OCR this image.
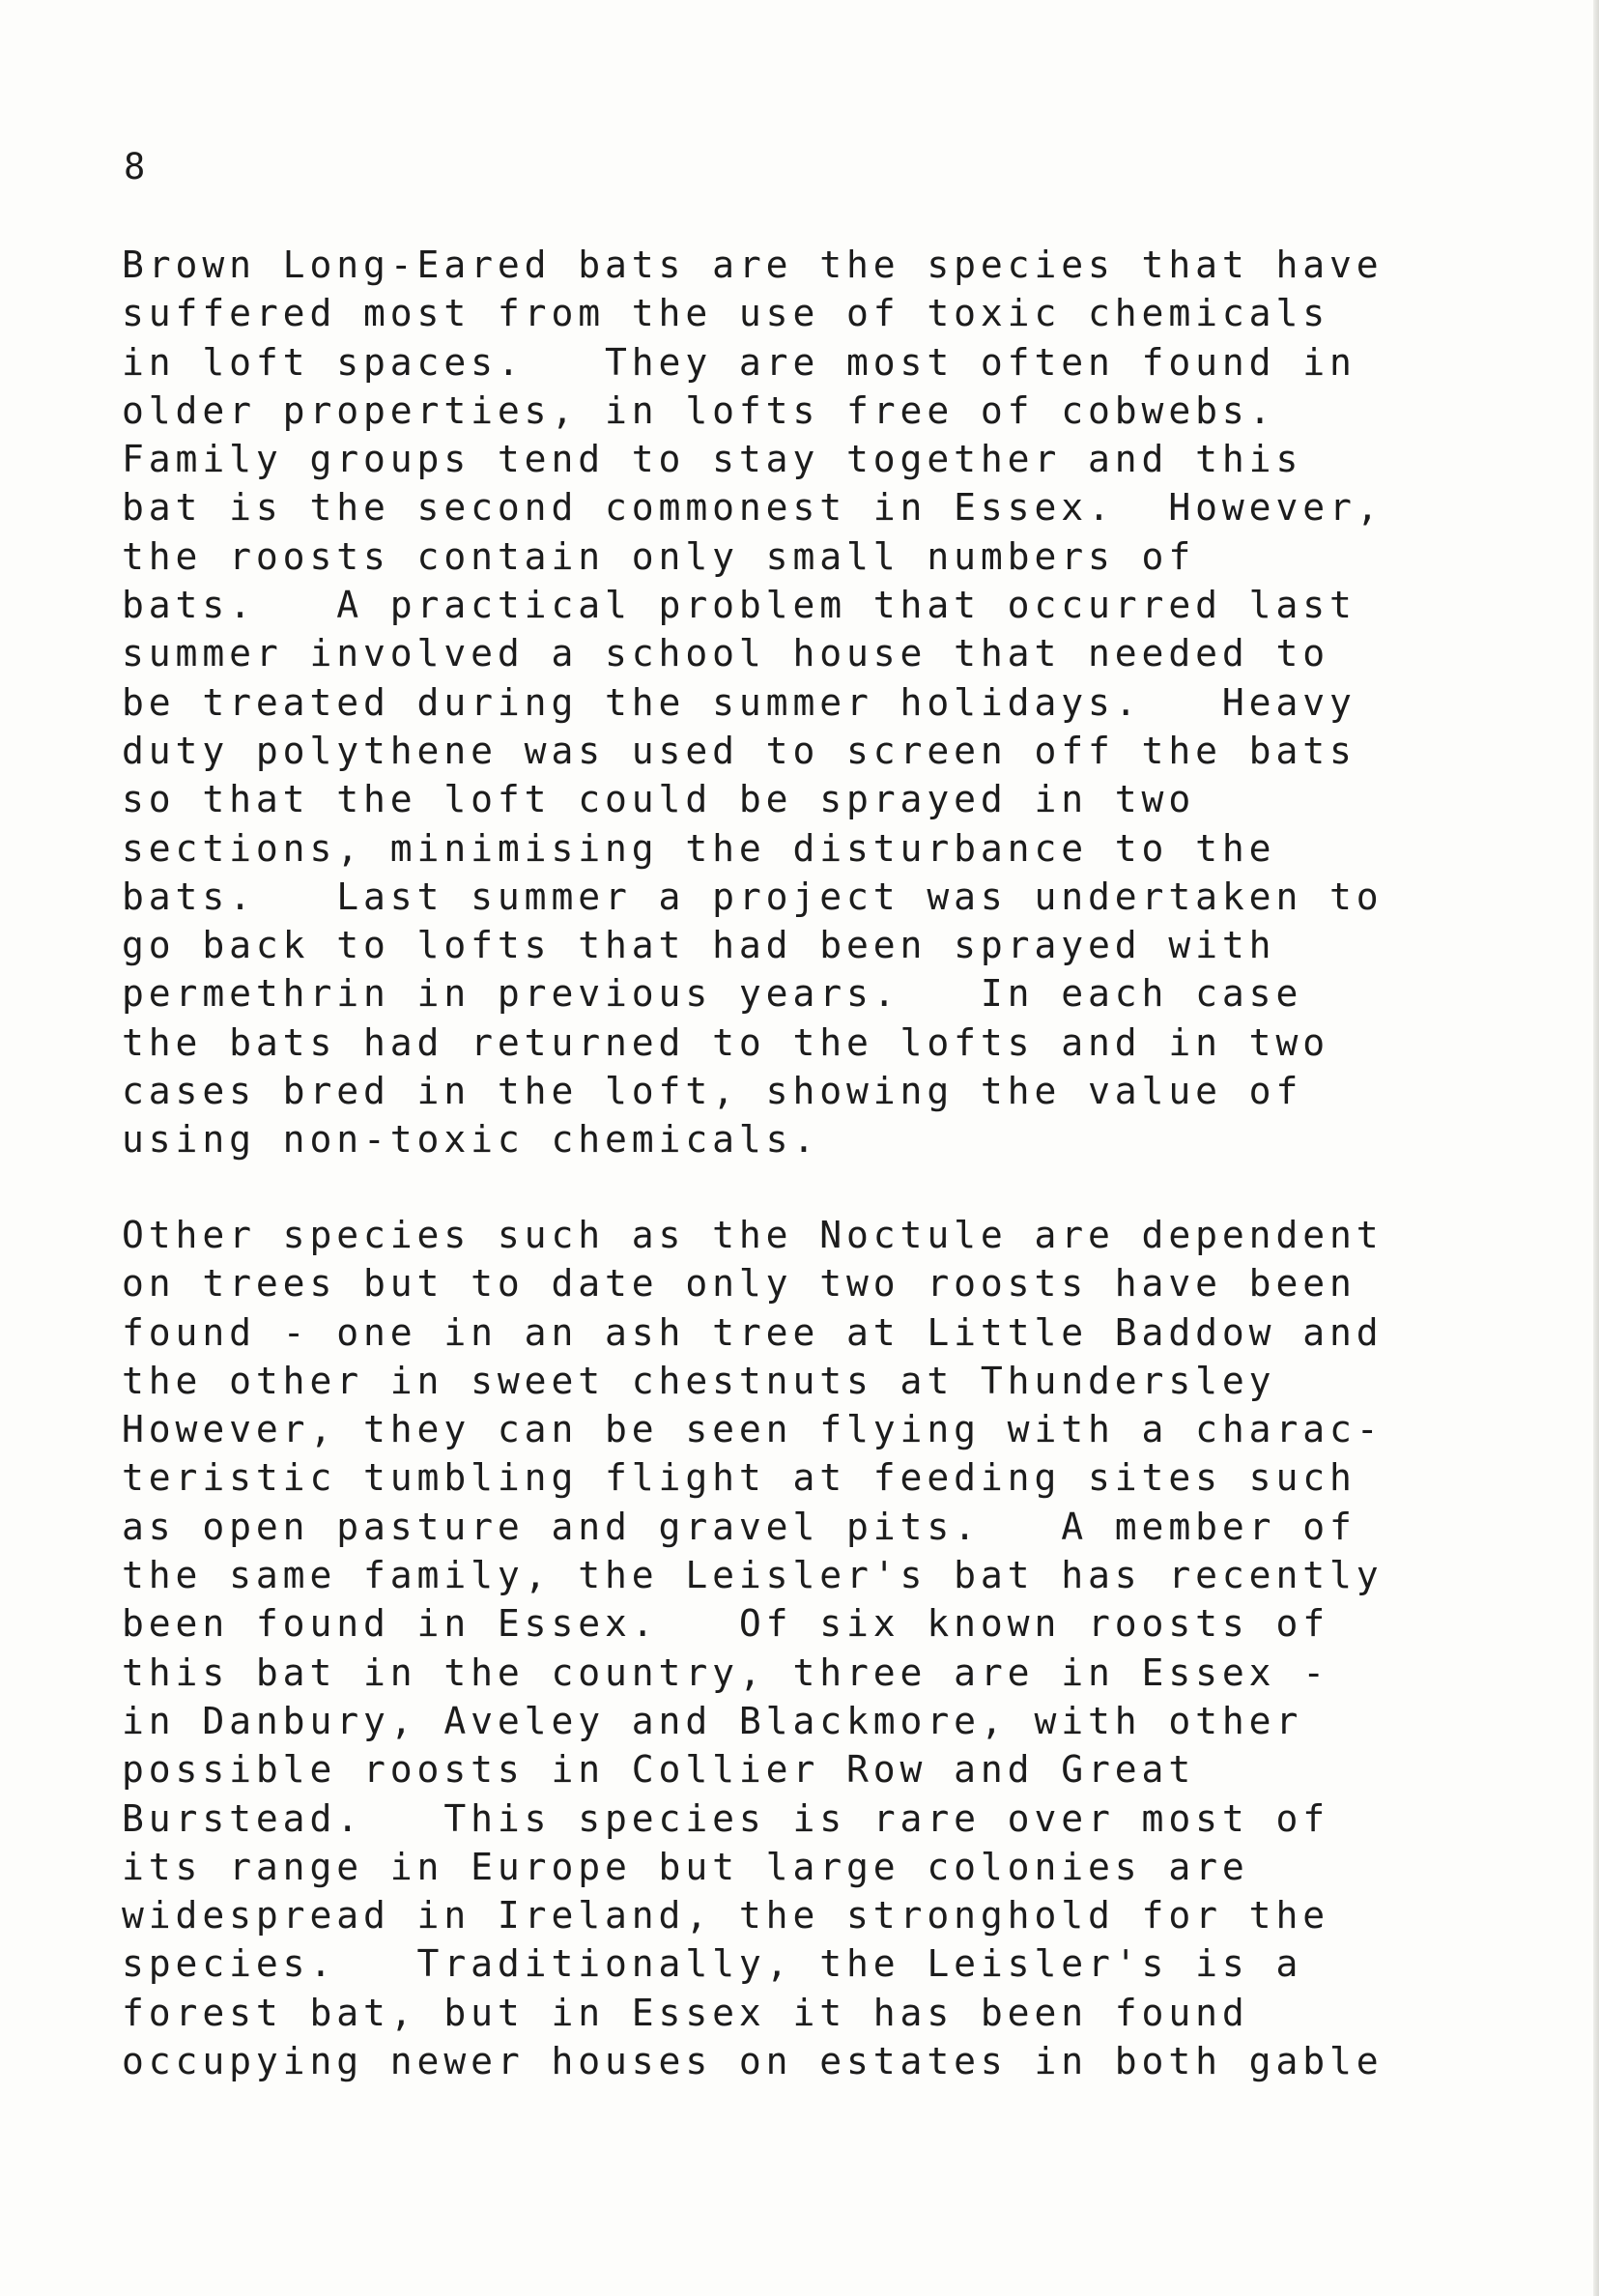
8
Brown Long-Eared bats are the species that have
suffered most from the use of toxic chemicals
in loft spaces.   They are most often found in
older properties, in lofts free of cobwebs.
Family groups tend to stay together and this
bat is the second commonest in Essex.  However,
the roosts contain only small numbers of
bats.   A practical problem that occurred last
summer involved a school house that needed to
be treated during the summer holidays.   Heavy
duty polythene was used to screen off the bats
so that the loft could be sprayed in two
sections, minimising the disturbance to the
bats.   Last summer a project was undertaken to
go back to lofts that had been sprayed with
permethrin in previous years.   In each case
the bats had returned to the lofts and in two
cases bred in the loft, showing the value of
using non-toxic chemicals.
Other species such as the Noctule are dependent
on trees but to date only two roosts have been
found - one in an ash tree at Little Baddow and
the other in sweet chestnuts at Thundersley
However, they can be seen flying with a charac-
teristic tumbling flight at feeding sites such
as open pasture and gravel pits.   A member of
the same family, the Leisler's bat has recently
been found in Essex.   Of six known roosts of
this bat in the country, three are in Essex -
in Danbury, Aveley and Blackmore, with other
possible roosts in Collier Row and Great
Burstead.   This species is rare over most of
its range in Europe but large colonies are
widespread in Ireland, the stronghold for the
species.   Traditionally, the Leisler's is a
forest bat, but in Essex it has been found
occupying newer houses on estates in both gable
